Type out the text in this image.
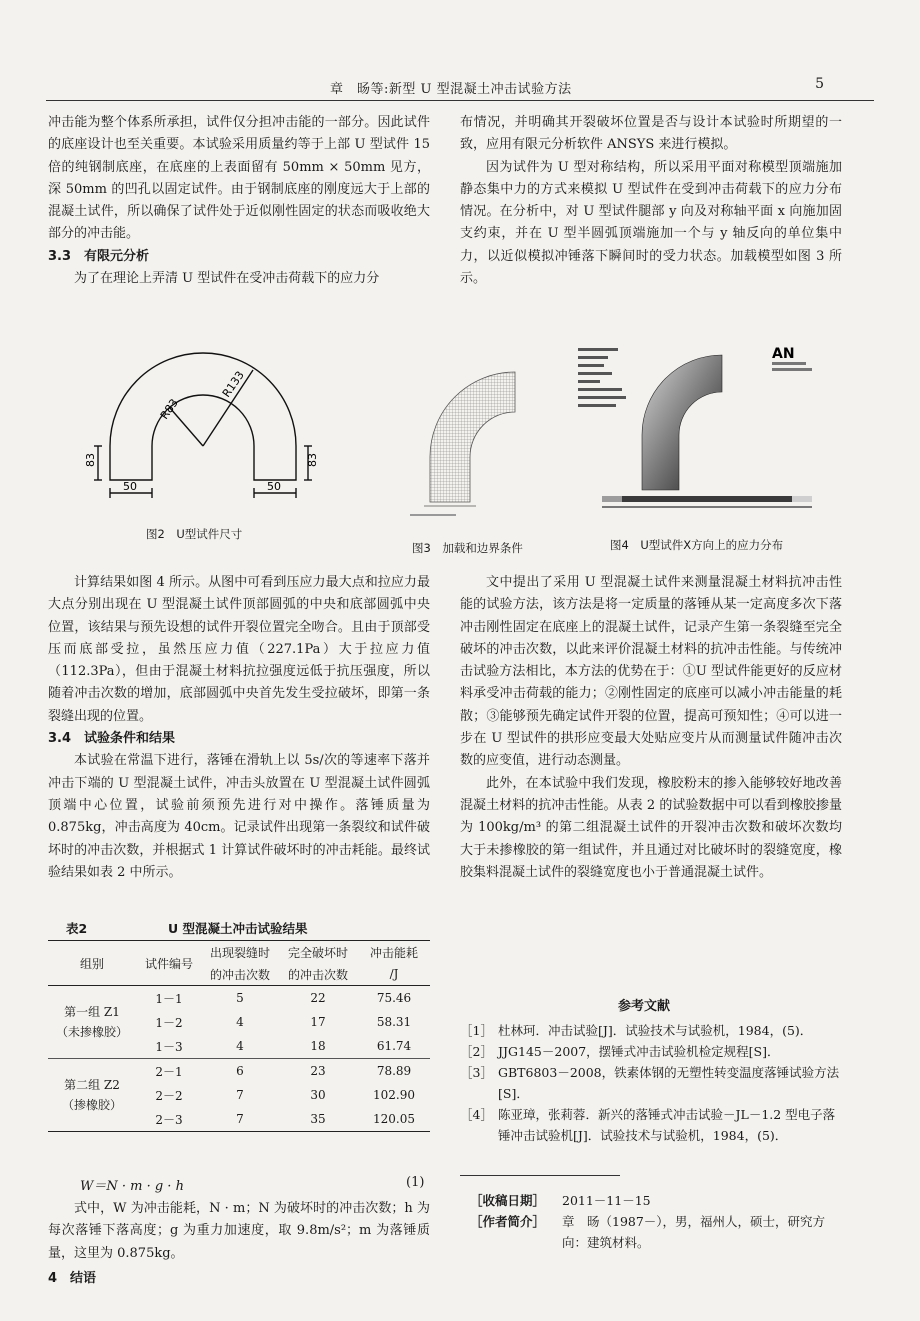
章　旸等:新型 U 型混凝土冲击试验方法	5

冲击能为整个体系所承担，试件仅分担冲击能的一部分。因此试件的底座设计也至关重要。本试验采用质量约等于上部 U 型试件 15 倍的纯钢制底座，在底座的上表面留有 50mm × 50mm 见方，深 50mm 的凹孔以固定试件。由于钢制底座的刚度远大于上部的混凝土试件，所以确保了试件处于近似刚性固定的状态而吸收绝大部分的冲击能。

3.3　有限元分析

为了在理论上弄清 U 型试件在受冲击荷载下的应力分

布情况，并明确其开裂破坏位置是否与设计本试验时所期望的一致，应用有限元分析软件 ANSYS 来进行模拟。

因为试件为 U 型对称结构，所以采用平面对称模型顶端施加静态集中力的方式来模拟 U 型试件在受到冲击荷载下的应力分布情况。在分析中，对 U 型试件腿部 y 向及对称轴平面 x 向施加固支约束，并在 U 型半圆弧顶端施加一个与 y 轴反向的单位集中力，以近似模拟冲锤落下瞬间时的受力状态。加载模型如图 3 所示。

R83
R133
83	83
50	50
图2　U型试件尺寸
图3　加载和边界条件
AN
图4　U型试件X方向上的应力分布

计算结果如图 4 所示。从图中可看到压应力最大点和拉应力最大点分别出现在 U 型混凝土试件顶部圆弧的中央和底部圆弧中央位置，该结果与预先设想的试件开裂位置完全吻合。且由于顶部受压而底部受拉，虽然压应力值（227.1Pa）大于拉应力值（112.3Pa），但由于混凝土材料抗拉强度远低于抗压强度，所以随着冲击次数的增加，底部圆弧中央首先发生受拉破坏，即第一条裂缝出现的位置。

3.4　试验条件和结果

本试验在常温下进行，落锤在滑轨上以 5s/次的等速率下落并冲击下端的 U 型混凝土试件，冲击头放置在 U 型混凝土试件圆弧顶端中心位置，试验前须预先进行对中操作。落锤质量为 0.875kg，冲击高度为 40cm。记录试件出现第一条裂纹和试件破坏时的冲击次数，并根据式 1 计算试件破坏时的冲击耗能。最终试验结果如表 2 中所示。

表2	U 型混凝土冲击试验结果
组别	试件编号	出现裂缝时	完全破坏时	冲击能耗
		的冲击次数	的冲击次数	/J
第一组 Z1
（未掺橡胶）	1－1	5	22	75.46
	1－2	4	17	58.31
	1－3	4	18	61.74
第二组 Z2
（掺橡胶）	2－1	6	23	78.89
	2－2	7	30	102.90
	2－3	7	35	120.05
W＝N · m · g · h	(1)

式中，W 为冲击能耗，N · m；N 为破坏时的冲击次数；h 为每次落锤下落高度；g 为重力加速度，取 9.8m/s²；m 为落锤质量，这里为 0.875kg。

4　结语

文中提出了采用 U 型混凝土试件来测量混凝土材料抗冲击性能的试验方法，该方法是将一定质量的落锤从某一定高度多次下落冲击刚性固定在底座上的混凝土试件，记录产生第一条裂缝至完全破坏的冲击次数，以此来评价混凝土材料的抗冲击性能。与传统冲击试验方法相比，本方法的优势在于：①U 型试件能更好的反应材料承受冲击荷载的能力；②刚性固定的底座可以减小冲击能量的耗散；③能够预先确定试件开裂的位置，提高可预知性；④可以进一步在 U 型试件的拱形应变最大处贴应变片从而测量试件随冲击次数的应变值，进行动态测量。

此外，在本试验中我们发现，橡胶粉末的掺入能够较好地改善混凝土材料的抗冲击性能。从表 2 的试验数据中可以看到橡胶掺量为 100kg/m³ 的第二组混凝土试件的开裂冲击次数和破坏次数均大于未掺橡胶的第一组试件，并且通过对比破坏时的裂缝宽度，橡胶集料混凝土试件的裂缝宽度也小于普通混凝土试件。

参考文献
［1］ 杜林珂．冲击试验[J]．试验技术与试验机，1984，(5)．
［2］ JJG145－2007，摆锤式冲击试验机检定规程[S]．
［3］ GBT6803－2008，铁素体钢的无塑性转变温度落锤试验方法[S]．
［4］ 陈亚璋，张莉蓉．新兴的落锤式冲击试验－JL－1.2 型电子落锤冲击试验机[J]．试验技术与试验机，1984，(5)．
［收稿日期］	2011－11－15
［作者简介］	章　旸（1987－），男，福州人，硕士，研究方向：建筑材料。
